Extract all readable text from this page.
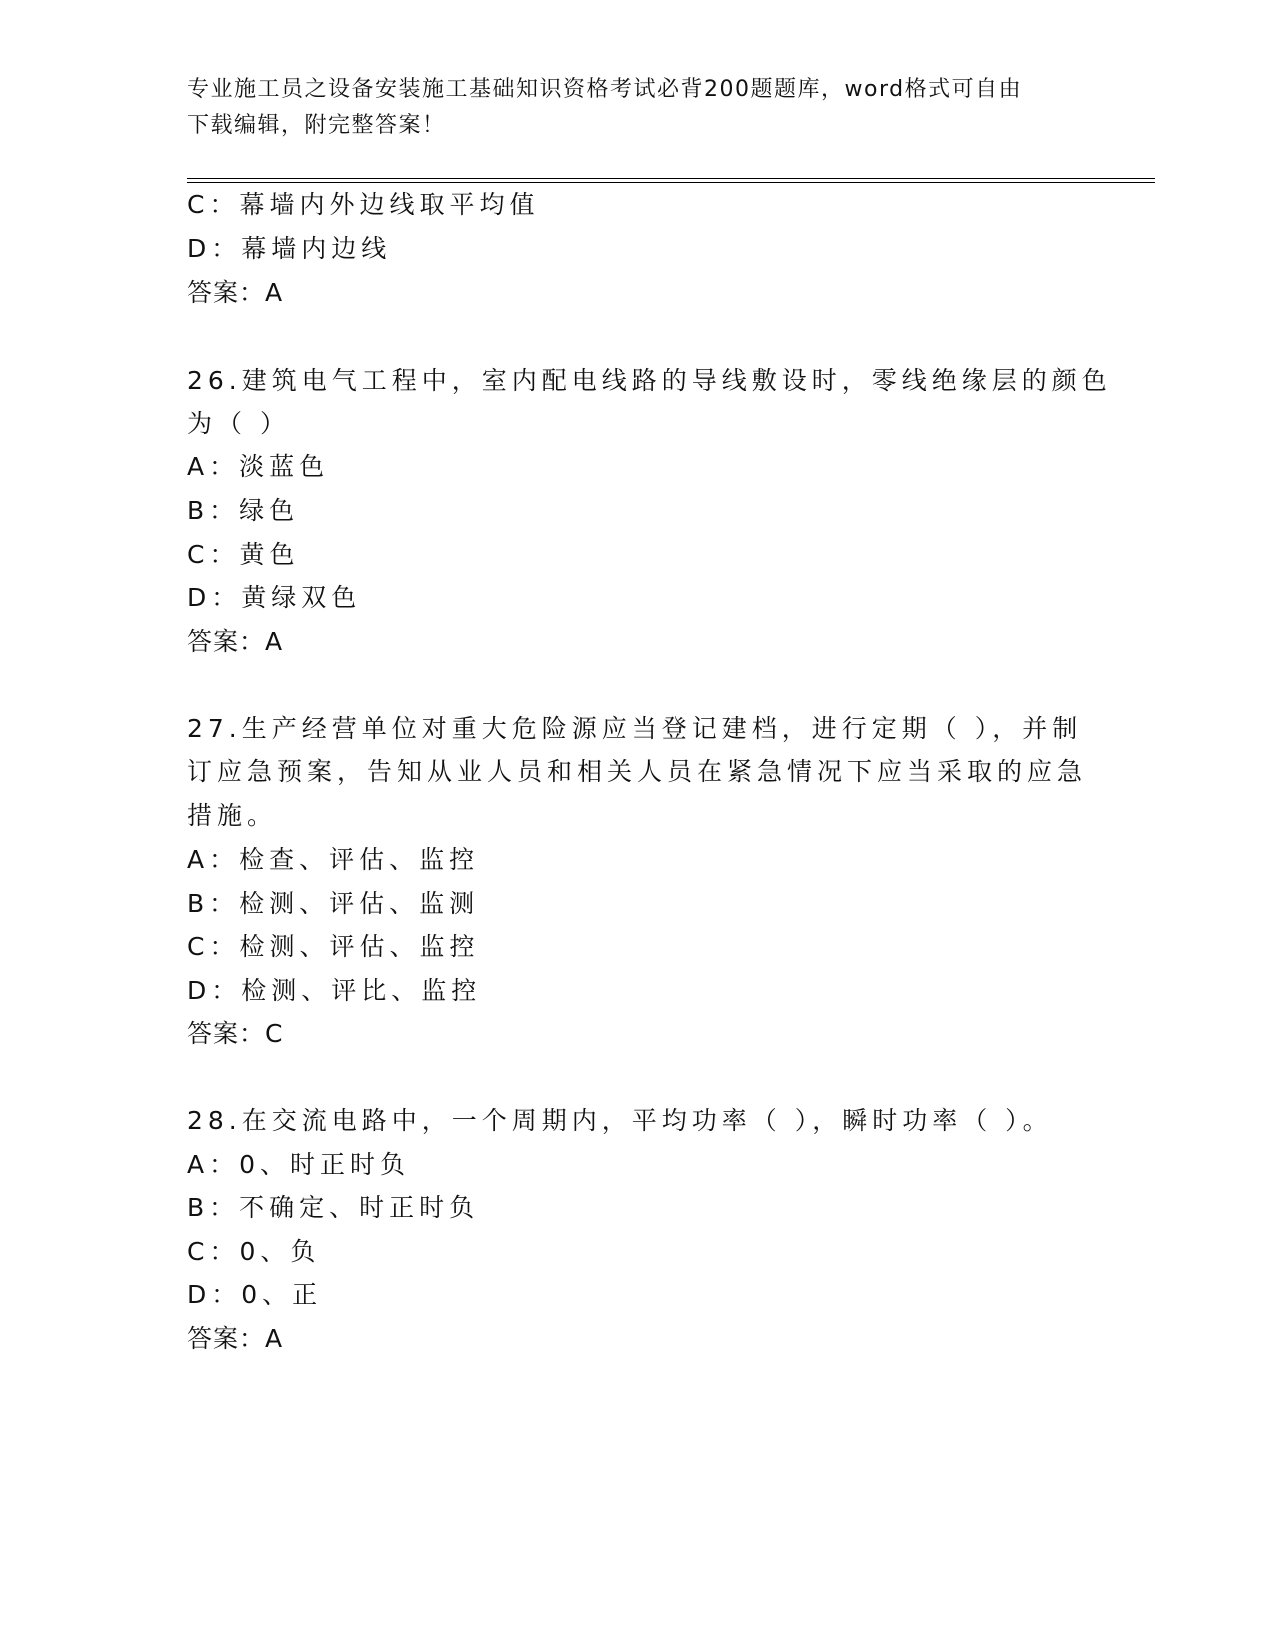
专业施工员之设备安装施工基础知识资格考试必背200题题库，word格式可自由
下载编辑，附完整答案！
C：幕墙内外边线取平均值
D：幕墙内边线
答案：A
26.建筑电气工程中，室内配电线路的导线敷设时，零线绝缘层的颜色
为（ ）
A：淡蓝色
B：绿色
C：黄色
D：黄绿双色
答案：A
27.生产经营单位对重大危险源应当登记建档，进行定期（ ），并制
订应急预案，告知从业人员和相关人员在紧急情况下应当采取的应急
措施。
A：检查、评估、监控
B：检测、评估、监测
C：检测、评估、监控
D：检测、评比、监控
答案：C
28.在交流电路中，一个周期内，平均功率（ ），瞬时功率（ ）。
A：0、时正时负
B：不确定、时正时负
C：0、负
D：0、正
答案：A
